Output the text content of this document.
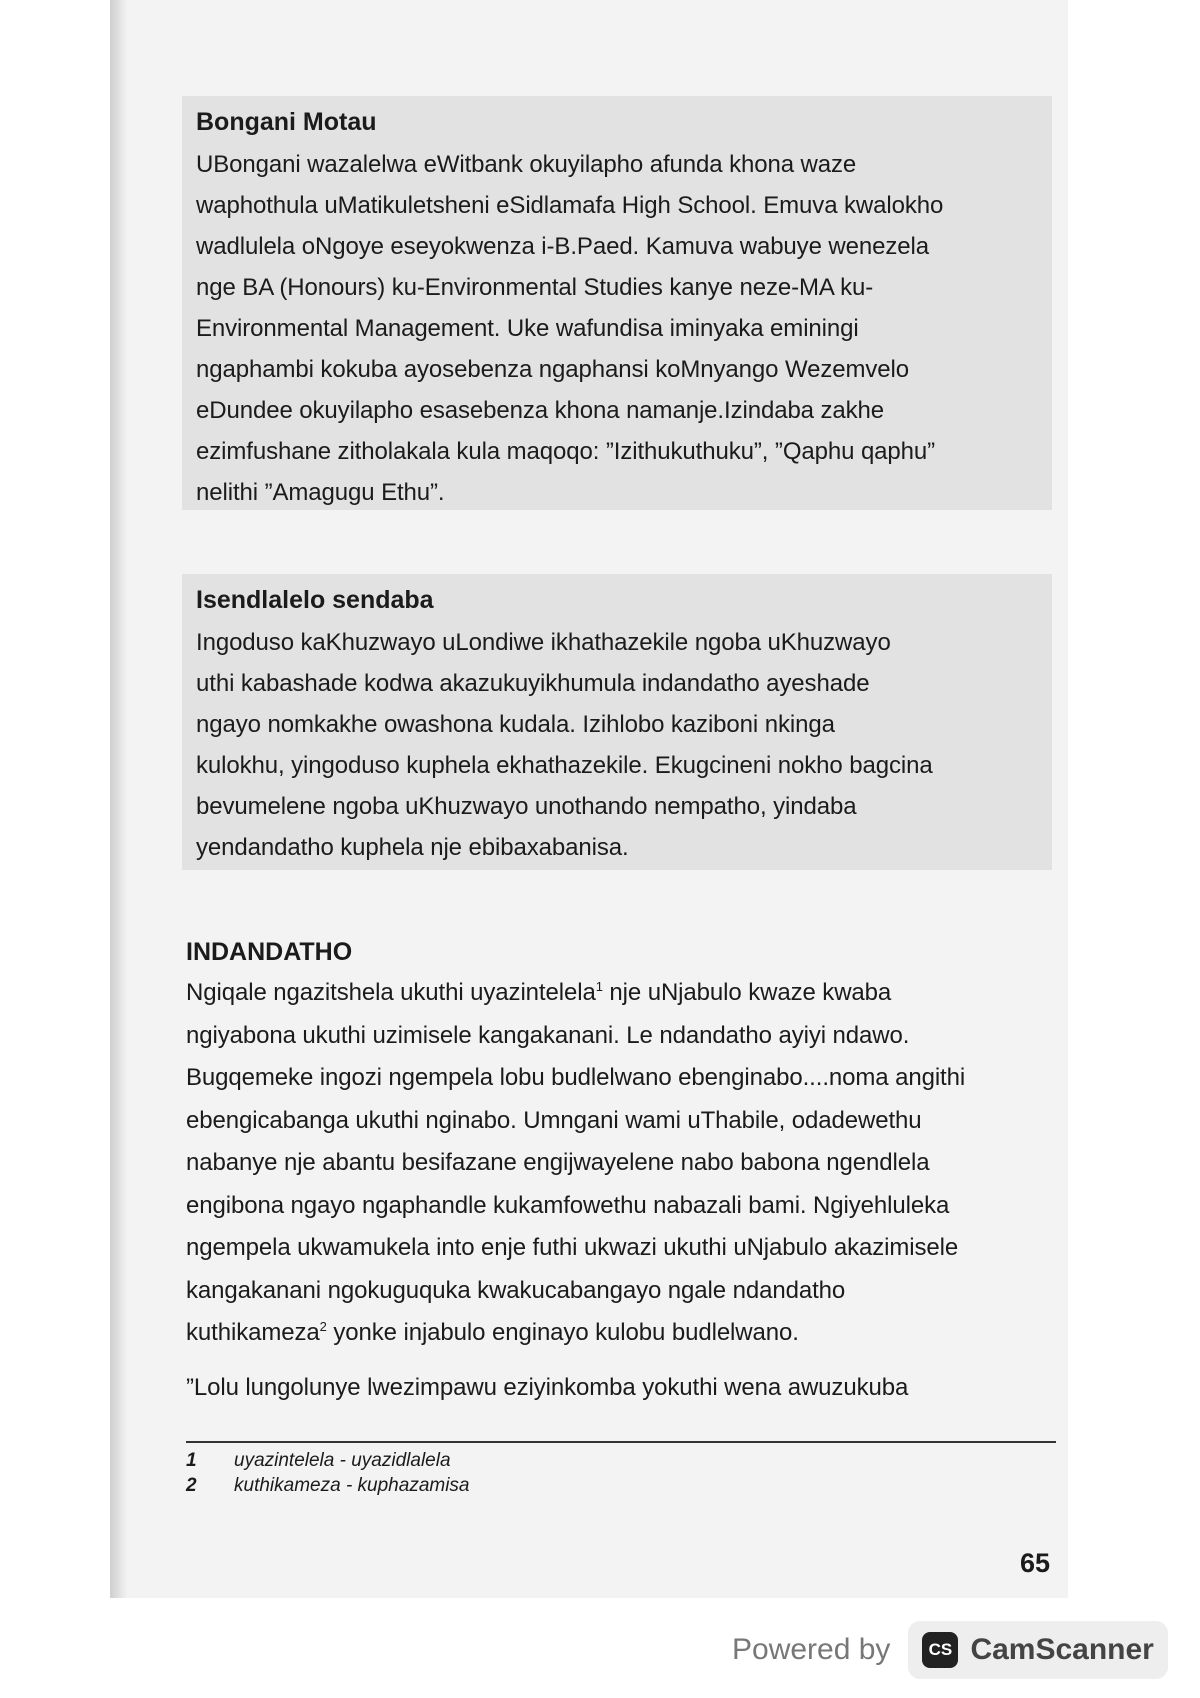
Bongani Motau

UBongani wazalelwa eWitbank okuyilapho afunda khona waze

waphothula uMatikuletsheni eSidlamafa High School. Emuva kwalokho

wadlulela oNgoye eseyokwenza i-B.Paed. Kamuva wabuye wenezela

nge BA (Honours) ku-Environmental Studies kanye neze-MA ku-

Environmental Management. Uke wafundisa iminyaka eminingi

ngaphambi kokuba ayosebenza ngaphansi koMnyango Wezemvelo

eDundee okuyilapho esasebenza khona namanje.Izindaba zakhe

ezimfushane zitholakala kula maqoqo: ”Izithukuthuku”, ”Qaphu qaphu”

nelithi ”Amagugu Ethu”.

Isendlalelo sendaba

Ingoduso kaKhuzwayo uLondiwe ikhathazekile ngoba uKhuzwayo

uthi kabashade kodwa akazukuyikhumula indandatho ayeshade

ngayo nomkakhe owashona kudala. Izihlobo kaziboni nkinga

kulokhu, yingoduso kuphela ekhathazekile. Ekugcineni nokho bagcina

bevumelene ngoba uKhuzwayo unothando nempatho, yindaba

yendandatho kuphela nje ebibaxabanisa.

INDANDATHO

Ngiqale ngazitshela ukuthi uyazintelela$^1$ nje uNjabulo kwaze kwaba

ngiyabona ukuthi uzimisele kangakanani. Le ndandatho ayiyi ndawo.

Bugqemeke ingozi ngempela lobu budlelwano ebenginabo....noma angithi

ebengicabanga ukuthi nginabo. Umngani wami uThabile, odadewethu

nabanye nje abantu besifazane engijwayelene nabo babona ngendlela

engibona ngayo ngaphandle kukamfowethu nabazali bami. Ngiyehluleka

ngempela ukwamukela into enje futhi ukwazi ukuthi uNjabulo akazimisele

kangakanani ngokuguquka kwakucabangayo ngale ndandatho

kuthikameza$^2$ yonke injabulo enginayo kulobu budlelwano.

”Lolu lungolunye lwezimpawu eziyinkomba yokuthi wena awuzukuba

1	uyazintelela - uyazidlalela
2	kuthikameza - kuphazamisa
65
Powered by	CS CamScanner
